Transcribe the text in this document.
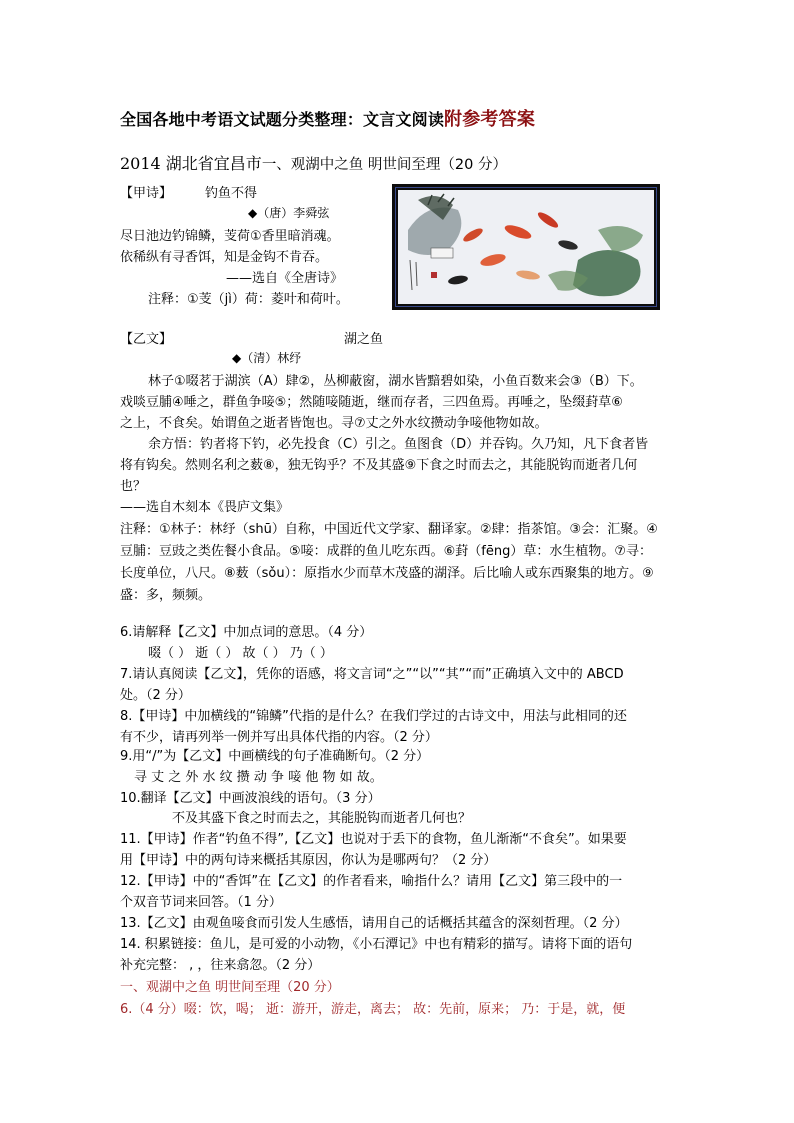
全国各地中考语文试题分类整理：文言文阅读附参考答案
2014 湖北省宜昌市一、观湖中之鱼 明世间至理（20 分）
【甲诗】	钓鱼不得
◆（唐）李舜弦
尽日池边钓锦鳞，芰荷①香里暗消魂。
依稀纵有寻香饵，知是金钩不肯吞。
——选自《全唐诗》
注释：①芰（jì）荷：菱叶和荷叶。
【乙文】	湖之鱼
◆（清）林纾
林子①啜茗于湖滨（A）肆②，丛柳蔽窗，湖水皆黯碧如染，小鱼百数来会③（B）下。
戏啖豆脯④唾之，群鱼争唼⑤；然随唼随逝，继而存者，三四鱼焉。再唾之，坠缀葑草⑥
之上，不食矣。始谓鱼之逝者皆饱也。寻⑦丈之外水纹攒动争唼他物如故。
余方悟：钓者将下钓，必先投食（C）引之。鱼图食（D）并吞钩。久乃知，凡下食者皆
将有钩矣。然则名利之薮⑧，独无钩乎？不及其盛⑨下食之时而去之，其能脱钩而逝者几何
也？
——选自木刻本《畏庐文集》
注释：①林子：林纾（shū）自称，中国近代文学家、翻译家。②肆：指茶馆。③会：汇聚。④
豆脯：豆豉之类佐餐小食品。⑤唼：成群的鱼儿吃东西。⑥葑（fēng）草：水生植物。⑦寻：
长度单位，八尺。⑧薮（sǒu）：原指水少而草木茂盛的湖泽。后比喻人或东西聚集的地方。⑨
盛：多，频频。
6.请解释【乙文】中加点词的意思。（4 分）
啜（ ） 逝（ ） 故（ ） 乃（ ）
7.请认真阅读【乙文】，凭你的语感，将文言词“之”“以”“其”“而”正确填入文中的 ABCD
处。（2 分）
8.【甲诗】中加横线的“锦鳞”代指的是什么？在我们学过的古诗文中，用法与此相同的还
有不少，请再列举一例并写出具体代指的内容。（2 分）
9.用“/”为【乙文】中画横线的句子准确断句。（2 分）
寻 丈 之 外 水 纹 攒 动 争 唼 他 物 如 故。
10.翻译【乙文】中画波浪线的语句。（3 分）
不及其盛下食之时而去之，其能脱钩而逝者几何也？
11.【甲诗】作者“钓鱼不得”,【乙文】也说对于丢下的食物，鱼儿渐渐“不食矣”。如果要
用【甲诗】中的两句诗来概括其原因，你认为是哪两句？（2 分）
12.【甲诗】中的“香饵”在【乙文】的作者看来，喻指什么？请用【乙文】第三段中的一
个双音节词来回答。（1 分）
13.【乙文】由观鱼唼食而引发人生感悟，请用自己的话概括其蕴含的深刻哲理。（2 分）
14. 积累链接：鱼儿，是可爱的小动物，《小石潭记》中也有精彩的描写。请将下面的语句
补充完整： , ，往来翕忽。（2 分）
一、观湖中之鱼 明世间至理（20 分）
6.（4 分）啜：饮，喝； 逝：游开，游走，离去； 故：先前，原来； 乃：于是，就，便
